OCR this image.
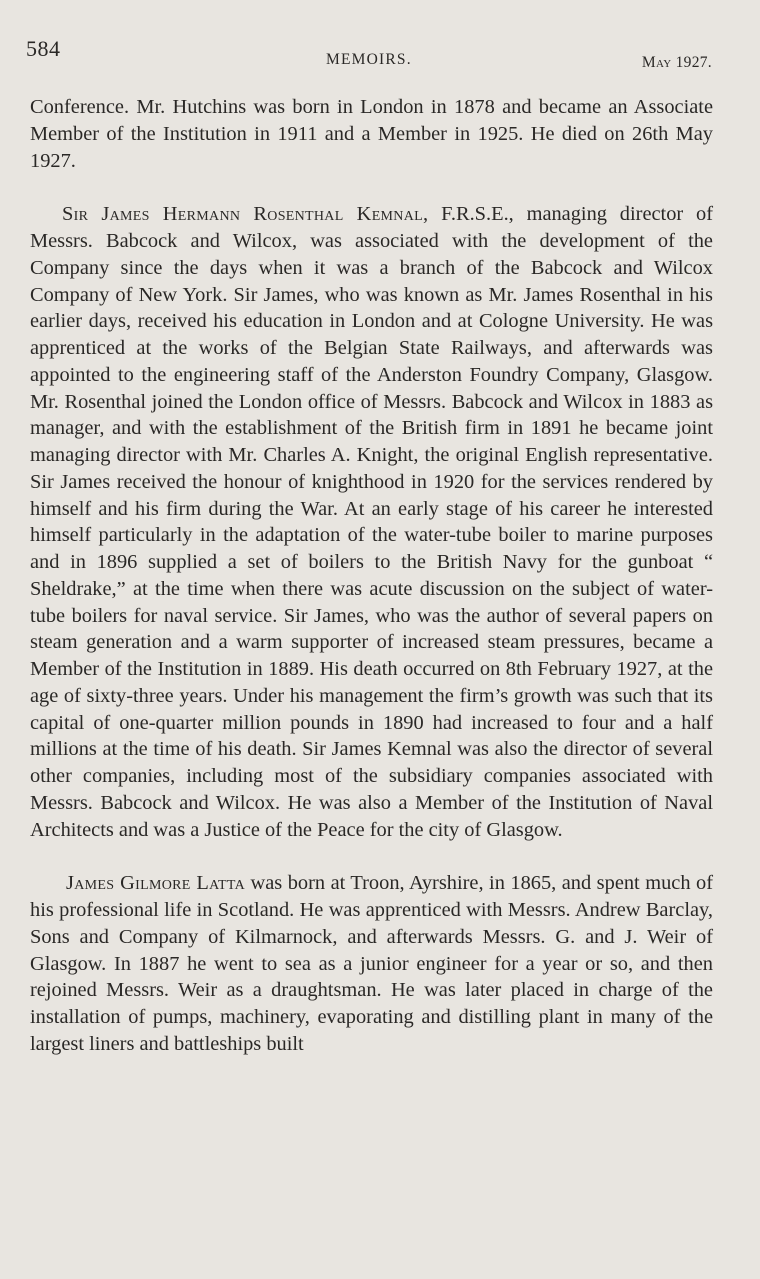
584	MEMOIRS.	May 1927.

Conference. Mr. Hutchins was born in London in 1878 and became an Associate Member of the Institution in 1911 and a Member in 1925. He died on 26th May 1927.

Sir James Hermann Rosenthal Kemnal, F.R.S.E., managing director of Messrs. Babcock and Wilcox, was associated with the development of the Company since the days when it was a branch of the Babcock and Wilcox Company of New York. Sir James, who was known as Mr. James Rosenthal in his earlier days, received his education in London and at Cologne University. He was apprenticed at the works of the Belgian State Railways, and afterwards was appointed to the engineering staff of the Anderston Foundry Company, Glasgow. Mr. Rosenthal joined the London office of Messrs. Babcock and Wilcox in 1883 as manager, and with the establishment of the British firm in 1891 he became joint managing director with Mr. Charles A. Knight, the original English representative. Sir James received the honour of knighthood in 1920 for the services rendered by himself and his firm during the War. At an early stage of his career he interested himself particularly in the adaptation of the water-tube boiler to marine purposes and in 1896 supplied a set of boilers to the British Navy for the gunboat “ Sheldrake,” at the time when there was acute discussion on the subject of water-tube boilers for naval service. Sir James, who was the author of several papers on steam generation and a warm supporter of increased steam pressures, became a Member of the Institution in 1889. His death occurred on 8th February 1927, at the age of sixty-three years. Under his management the firm’s growth was such that its capital of one-quarter million pounds in 1890 had increased to four and a half millions at the time of his death. Sir James Kemnal was also the director of several other companies, including most of the subsidiary companies associated with Messrs. Babcock and Wilcox. He was also a Member of the Institution of Naval Architects and was a Justice of the Peace for the city of Glasgow.

James Gilmore Latta was born at Troon, Ayrshire, in 1865, and spent much of his professional life in Scotland. He was apprenticed with Messrs. Andrew Barclay, Sons and Company of Kilmarnock, and afterwards Messrs. G. and J. Weir of Glasgow. In 1887 he went to sea as a junior engineer for a year or so, and then rejoined Messrs. Weir as a draughtsman. He was later placed in charge of the installation of pumps, machinery, evaporating and distilling plant in many of the largest liners and battleships built
